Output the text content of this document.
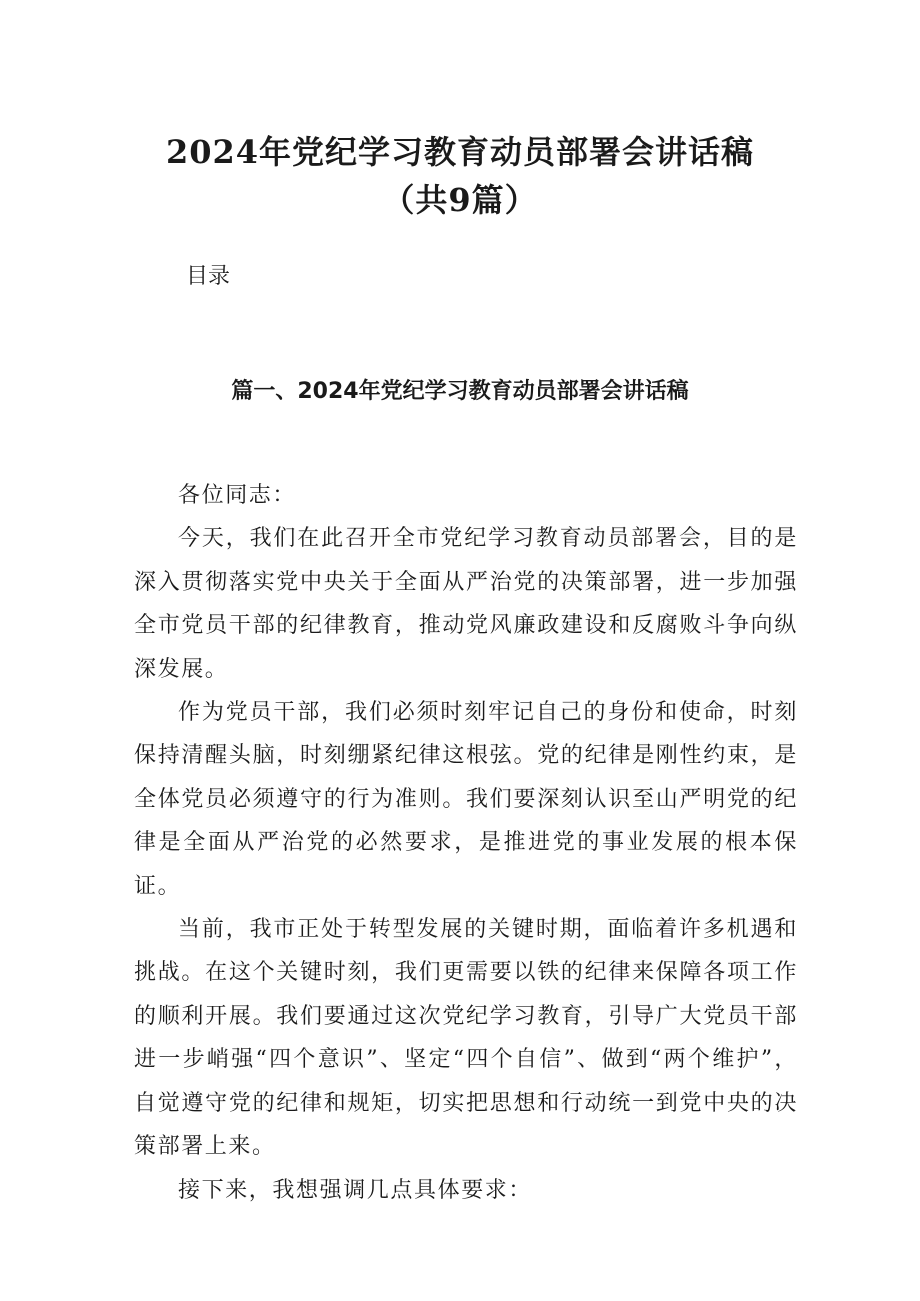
2024年党纪学习教育动员部署会讲话稿（共9篇）
目录
篇一、2024年党纪学习教育动员部署会讲话稿

各位同志：

今天，我们在此召开全市党纪学习教育动员部署会，目的是深入贯彻落实党中央关于全面从严治党的决策部署，进一步加强全市党员干部的纪律教育，推动党风廉政建设和反腐败斗争向纵深发展。

作为党员干部，我们必须时刻牢记自己的身份和使命，时刻保持清醒头脑，时刻绷紧纪律这根弦。党的纪律是刚性约束，是全体党员必须遵守的行为准则。我们要深刻认识至山严明党的纪律是全面从严治党的必然要求，是推进党的事业发展的根本保证。

当前，我市正处于转型发展的关键时期，面临着许多机遇和挑战。在这个关键时刻，我们更需要以铁的纪律来保障各项工作的顺利开展。我们要通过这次党纪学习教育，引导广大党员干部进一步峭强“四个意识”、坚定“四个自信”、做到“两个维护”，自觉遵守党的纪律和规矩，切实把思想和行动统一到党中央的决策部署上来。

接下来，我想强调几点具体要求：
